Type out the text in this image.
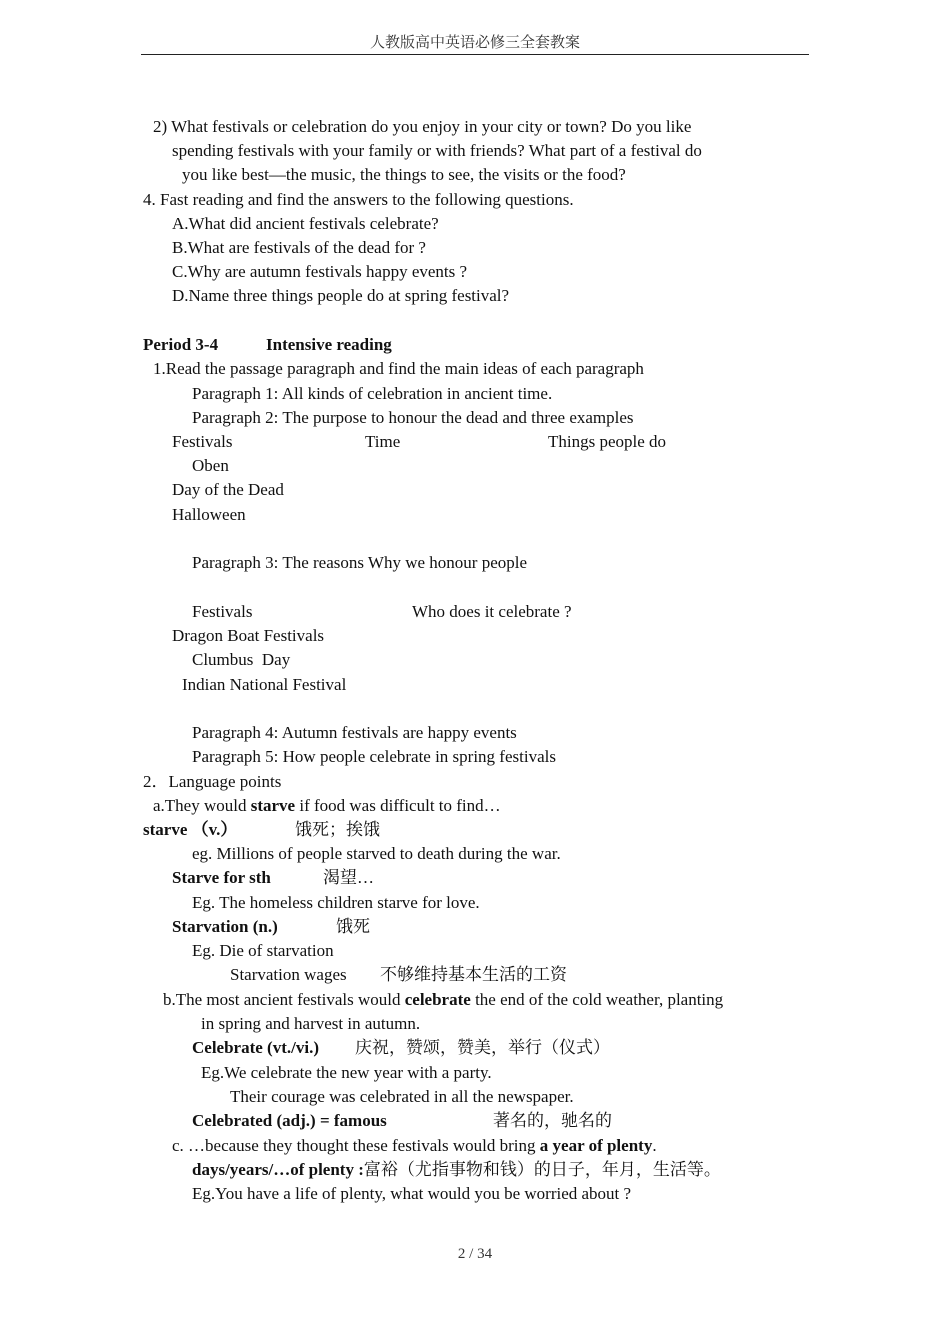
人教版高中英语必修三全套教案
2) What festivals or celebration do you enjoy in your city or town? Do you like
spending festivals with your family or with friends? What part of a festival do
you like best—the music, the things to see, the visits or the food?
4. Fast reading and find the answers to the following questions.
A.What did ancient festivals celebrate?
B.What are festivals of the dead for ?
C.Why are autumn festivals happy events ?
D.Name three things people do at spring festival?
Period 3-4	Intensive reading
1.Read the passage paragraph and find the main ideas of each paragraph
Paragraph 1: All kinds of celebration in ancient time.
Paragraph 2: The purpose to honour the dead and three examples
Festivals	Time	Things people do
Oben
Day of the Dead
Halloween
Paragraph 3: The reasons Why we honour people
Festivals	Who does it celebrate ?
Dragon Boat Festivals
Clumbus  Day
Indian National Festival
Paragraph 4: Autumn festivals are happy events
Paragraph 5: How people celebrate in spring festivals
2．Language points
a.They would starve if food was difficult to find…
starve （v.）	饿死；挨饿
eg. Millions of people starved to death during the war.
Starve for sth	渴望…
Eg. The homeless children starve for love.
Starvation (n.)	饿死
Eg. Die of starvation
Starvation wages 不够维持基本生活的工资
b.The most ancient festivals would celebrate the end of the cold weather, planting
in spring and harvest in autumn.
Celebrate (vt./vi.) 庆祝，赞颂，赞美，举行（仪式）
Eg.We celebrate the new year with a party.
Their courage was celebrated in all the newspaper.
Celebrated (adj.) = famous	著名的，驰名的
c. …because they thought these festivals would bring a year of plenty.
days/years/…of plenty :富裕（尤指事物和钱）的日子，年月，生活等。
Eg.You have a life of plenty, what would you be worried about ?
2 / 34
